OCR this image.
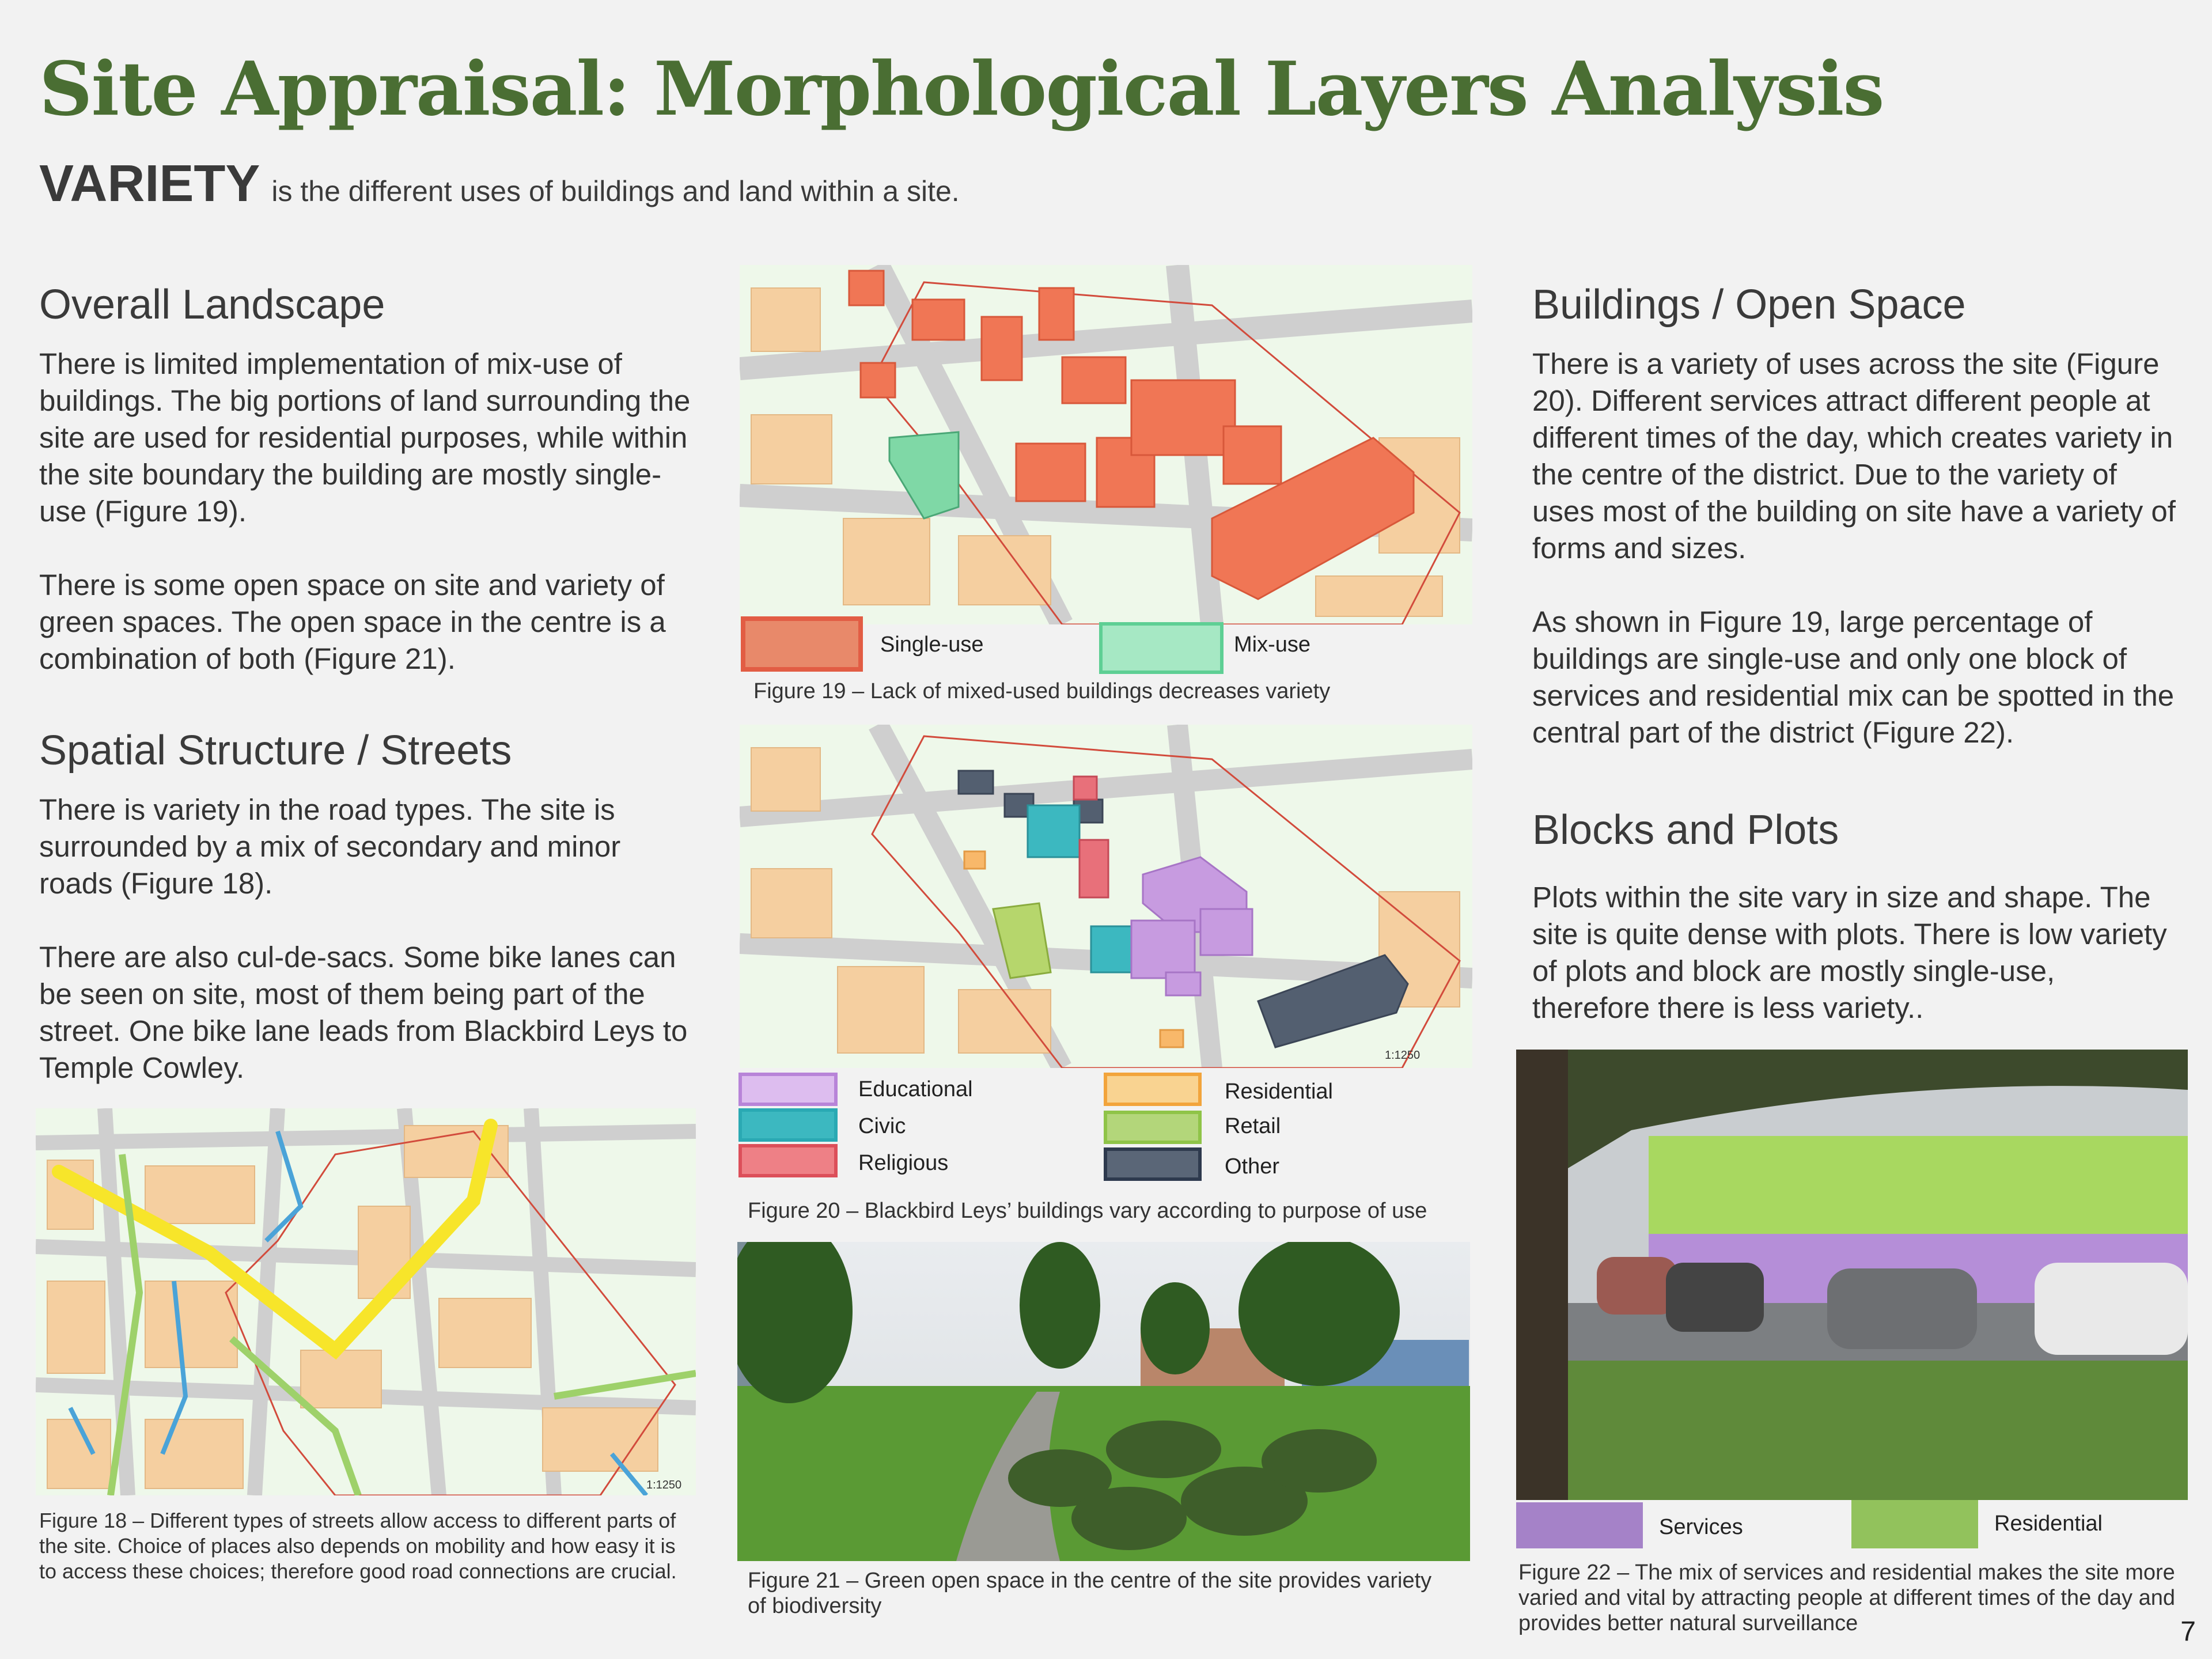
Site Appraisal: Morphological Layers Analysis
VARIETY is the different uses of buildings and land within a site.
Overall Landscape

There is limited implementation of mix-use of buildings. The big portions of land surrounding the site are used for residential purposes, while within the site boundary the building are mostly single-use (Figure 19).

There is some open space on site and variety of green spaces. The open space in the centre is a combination of both (Figure 21).

Spatial Structure / Streets

There is variety in the road types. The site is surrounded by a mix of secondary and minor roads (Figure 18).

There are also cul-de-sacs. Some bike lanes can be seen on site, most of them being part of the street. One bike lane leads from Blackbird Leys to Temple Cowley.

1:1250
Figure 18 – Different types of streets allow access to different parts of the site. Choice of places also depends on mobility and how easy it is to access these choices; therefore good road connections are crucial.
Single-use	Mix-use
Figure 19 – Lack of mixed-used buildings decreases variety
1:1250
Educational
Civic
Religious
Residential
Retail
Other
Figure 20 – Blackbird Leys’ buildings vary according to purpose of use
Figure 21 – Green open space in the centre of the site provides variety of biodiversity
Buildings / Open Space

There is a variety of uses across the site (Figure 20). Different services attract different people at different times of the day, which creates variety in the centre of the district. Due to the variety of uses most of the building on site have a variety of forms and sizes.

As shown in Figure 19, large percentage of buildings are single-use and only one block of services and residential mix can be spotted in the central part of the district (Figure 22).

Blocks and Plots

Plots within the site vary in size and shape. The site is quite dense with plots. There is low variety of plots and block are mostly single-use, therefore there is less variety..

Services	Residential
Figure 22 – The mix of services and residential makes the site more varied and vital by attracting people at different times of the day and provides better natural surveillance	7
